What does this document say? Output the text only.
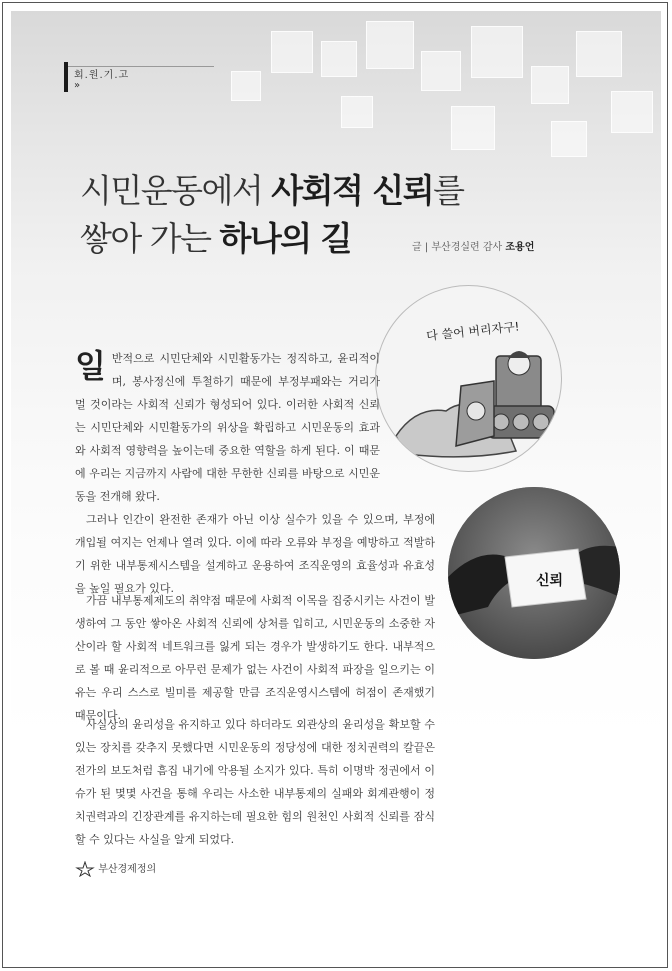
회.원.기.고
»
시민운동에서 사회적 신뢰를
쌓아 가는 하나의 길	글 | 부산경실련 감사 조용언
다 쓸어 버리자구!
신뢰

일반적으로 시민단체와 시민활동가는 정직하고, 윤리적이며, 봉사정신에 투철하기 때문에 부정부패와는 거리가 멀 것이라는 사회적 신뢰가 형성되어 있다. 이러한 사회적 신뢰는 시민단체와 시민활동가의 위상을 확립하고 시민운동의 효과와 사회적 영향력을 높이는데 중요한 역할을 하게 된다. 이 때문에 우리는 지금까지 사람에 대한 무한한 신뢰를 바탕으로 시민운동을 전개해 왔다.

그러나 인간이 완전한 존재가 아닌 이상 실수가 있을 수 있으며, 부정에 개입될 여지는 언제나 열려 있다. 이에 따라 오류와 부정을 예방하고 적발하기 위한 내부통제시스템을 설계하고 운용하여 조직운영의 효율성과 유효성을 높일 필요가 있다.

가끔 내부통제제도의 취약점 때문에 사회적 이목을 집중시키는 사건이 발생하여 그 동안 쌓아온 사회적 신뢰에 상처를 입히고, 시민운동의 소중한 자산이라 할 사회적 네트워크를 잃게 되는 경우가 발생하기도 한다. 내부적으로 볼 때 윤리적으로 아무런 문제가 없는 사건이 사회적 파장을 일으키는 이유는 우리 스스로 빌미를 제공할 만큼 조직운영시스템에 허점이 존재했기 때문이다.

사실상의 윤리성을 유지하고 있다 하더라도 외관상의 윤리성을 확보할 수 있는 장치를 갖추지 못했다면 시민운동의 정당성에 대한 정치권력의 칼끝은 전가의 보도처럼 흠집 내기에 악용될 소지가 있다. 특히 이명박 정권에서 이슈가 된 몇몇 사건을 통해 우리는 사소한 내부통제의 실패와 회계관행이 정치권력과의 긴장관계를 유지하는데 필요한 힘의 원천인 사회적 신뢰를 잠식할 수 있다는 사실을 알게 되었다.

부산경제정의
